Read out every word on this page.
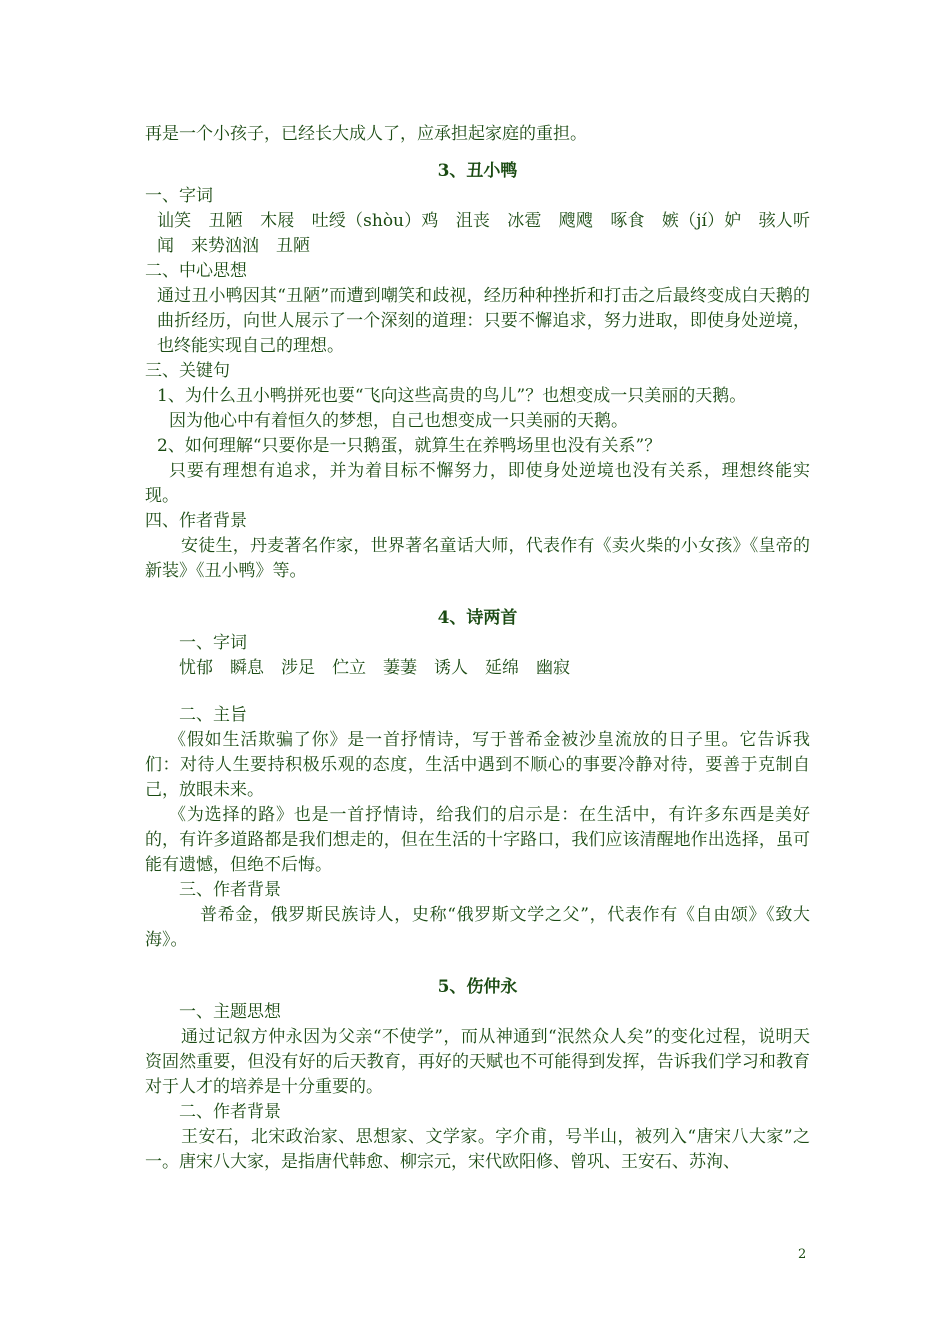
再是一个小孩子，已经长大成人了，应承担起家庭的重担。

3、丑小鸭

一、字词

讪笑　丑陋　木屐　吐绶（shòu）鸡　沮丧　冰雹　飕飕　啄食　嫉（jí）妒　骇人听闻　来势汹汹　丑陋

二、中心思想

通过丑小鸭因其“丑陋”而遭到嘲笑和歧视，经历种种挫折和打击之后最终变成白天鹅的曲折经历，向世人展示了一个深刻的道理：只要不懈追求，努力进取，即使身处逆境，也终能实现自己的理想。

三、关键句

1、为什么丑小鸭拼死也要“飞向这些高贵的鸟儿”？也想变成一只美丽的天鹅。

因为他心中有着恒久的梦想，自己也想变成一只美丽的天鹅。

2、如何理解“只要你是一只鹅蛋，就算生在养鸭场里也没有关系”？

只要有理想有追求，并为着目标不懈努力，即使身处逆境也没有关系，理想终能实现。

四、作者背景

安徒生，丹麦著名作家，世界著名童话大师，代表作有《卖火柴的小女孩》《皇帝的新装》《丑小鸭》等。

4、诗两首

一、字词

忧郁　瞬息　涉足　伫立　萋萋　诱人　延绵　幽寂

二、主旨

《假如生活欺骗了你》是一首抒情诗，写于普希金被沙皇流放的日子里。它告诉我们：对待人生要持积极乐观的态度，生活中遇到不顺心的事要冷静对待，要善于克制自己，放眼未来。

《为选择的路》也是一首抒情诗，给我们的启示是：在生活中，有许多东西是美好的，有许多道路都是我们想走的，但在生活的十字路口，我们应该清醒地作出选择，虽可能有遗憾，但绝不后悔。

三、作者背景

普希金，俄罗斯民族诗人，史称“俄罗斯文学之父”，代表作有《自由颂》《致大海》。

5、伤仲永

一、主题思想

通过记叙方仲永因为父亲“不使学”，而从神通到“泯然众人矣”的变化过程，说明天资固然重要，但没有好的后天教育，再好的天赋也不可能得到发挥，告诉我们学习和教育对于人才的培养是十分重要的。

二、作者背景

王安石，北宋政治家、思想家、文学家。字介甫，号半山，被列入“唐宋八大家”之一。唐宋八大家，是指唐代韩愈、柳宗元，宋代欧阳修、曾巩、王安石、苏洵、

2
